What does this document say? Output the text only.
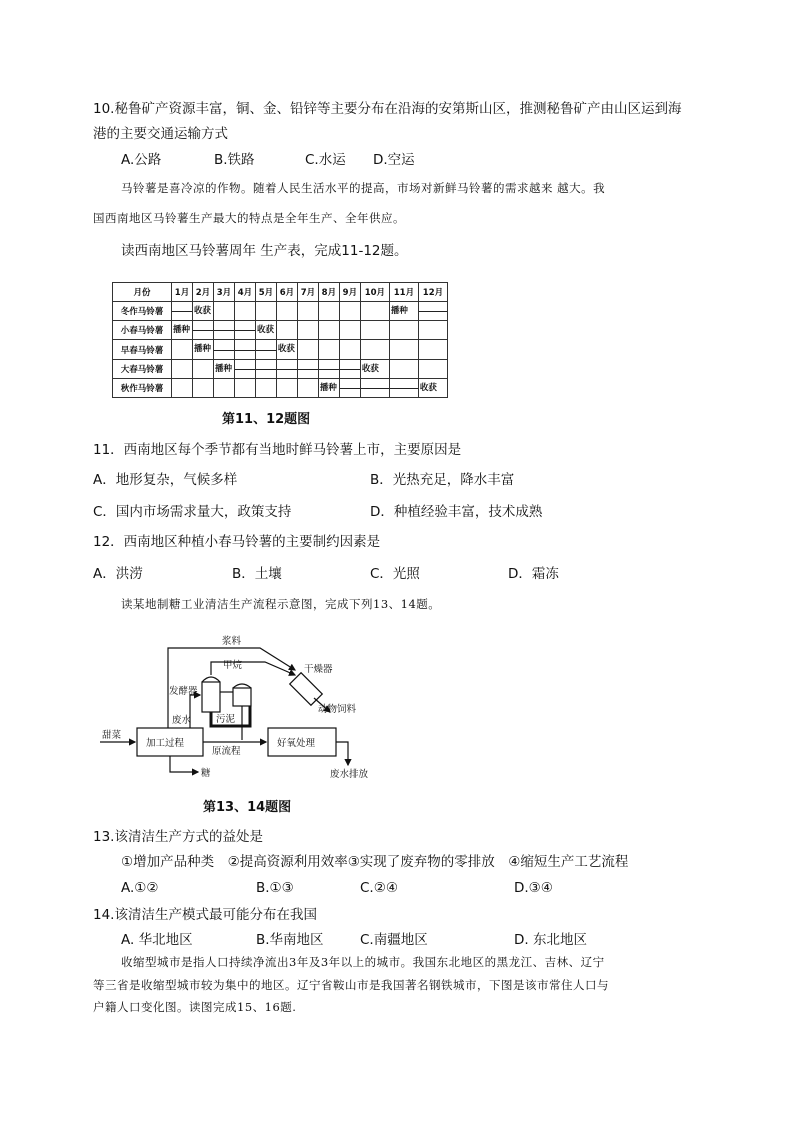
10.秘鲁矿产资源丰富，铜、金、铅锌等主要分布在沿海的安第斯山区，推测秘鲁矿产由山区运到海
港的主要交通运输方式
A.公路	B.铁路	C.水运 D.空运
马铃薯是喜冷凉的作物。随着人民生活水平的提高，市场对新鲜马铃薯的需求越来 越大。我
国西南地区马铃薯生产最大的特点是全年生产、全年供应。
读西南地区马铃薯周年 生产表，完成11-12题。
月份	1月	2月	3月	4月	5月	6月	7月	8月	9月	10月	11月	12月
冬作马铃薯		收获									播种	

小春马铃薯	播种				收获							

早春马铃薯		播种				收获						

大春马铃薯			播种							收获		

秋作马铃薯								播种				收获
第11、12题图
11．西南地区每个季节都有当地时鲜马铃薯上市，主要原因是
A．地形复杂，气候多样	B．光热充足，降水丰富
C．国内市场需求量大，政策支持	D．种植经验丰富，技术成熟
12．西南地区种植小春马铃薯的主要制约因素是
A．洪涝	B．土壤	C．光照	D．霜冻
读某地制糖工业清洁生产流程示意图，完成下列13、14题。
甜菜
加工过程
糖
废水
发酵器
甲烷
浆料
干燥器
动物饲料
污泥
原流程
好氧处理
废水排放
第13、14题图
13.该清洁生产方式的益处是
①增加产品种类　②提高资源利用效率③实现了废弃物的零排放　④缩短生产工艺流程
A.①②	B.①③	C.②④	D.③④
14.该清洁生产模式最可能分布在我国
A. 华北地区	B.华南地区	C.南疆地区	D. 东北地区
收缩型城市是指人口持续净流出3年及3年以上的城市。我国东北地区的黑龙江、吉林、辽宁
等三省是收缩型城市较为集中的地区。辽宁省鞍山市是我国著名钢铁城市，下图是该市常住人口与
户籍人口变化图。读图完成15、16题.
